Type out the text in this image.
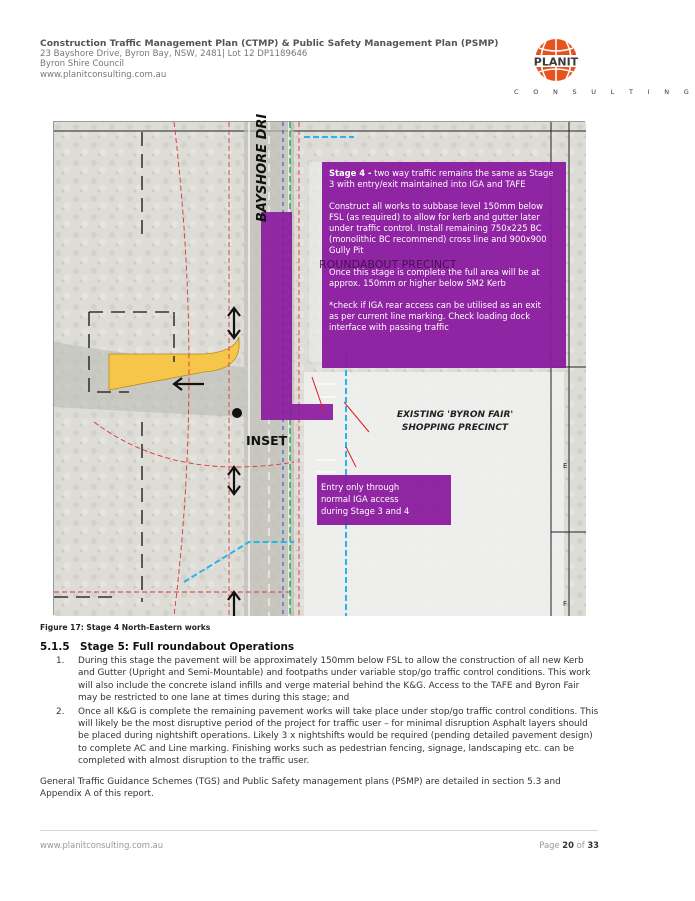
Construction Traffic Management Plan (CTMP) & Public Safety Management Plan (PSMP)
23 Bayshore Drive, Byron Bay, NSW, 2481| Lot 12 DP1189646
Byron Shire Council
www.planitconsulting.com.au
PLANIT
C O N S U L T I N G
Stage 4 - two way traffic remains the same as Stage
3 with entry/exit maintained into IGA and TAFE
Construct all works to subbase level 150mm below
FSL (as required) to allow for kerb and gutter later
under traffic control. Install remaining 750x225 BC
(monolithic BC recommend) cross line and 900x900
Gully Pit
Once this stage is complete the full area will be at
approx. 150mm or higher below SM2 Kerb
*check if IGA rear access can be utilised as an exit
as per current line marking. Check loading dock
interface with passing traffic
ROUNDABOUT PRECINCT
BAYSHORE DRI
INSET
EXISTING 'BYRON FAIR'
SHOPPING PRECINCT
Entry only through
normal IGA access
during Stage 3 and 4
E
F
Figure 17: Stage 4 North-Eastern works
5.1.5 Stage 5: Full roundabout Operations
1. During this stage the pavement will be approximately 150mm below FSL to allow the construction of all new Kerb and Gutter (Upright and Semi-Mountable) and footpaths under variable stop/go traffic control conditions. This work will also include the concrete island infills and verge material behind the K&G. Access to the TAFE and Byron Fair may be restricted to one lane at times during this stage; and
2. Once all K&G is complete the remaining pavement works will take place under stop/go traffic control conditions. This will likely be the most disruptive period of the project for traffic user – for minimal disruption Asphalt layers should be placed during nightshift operations. Likely 3 x nightshifts would be required (pending detailed pavement design) to complete AC and Line marking. Finishing works such as pedestrian fencing, signage, landscaping etc. can be completed with almost disruption to the traffic user.
General Traffic Guidance Schemes (TGS) and Public Safety management plans (PSMP) are detailed in section 5.3 and Appendix A of this report.
www.planitconsulting.com.au	Page 20 of 33
